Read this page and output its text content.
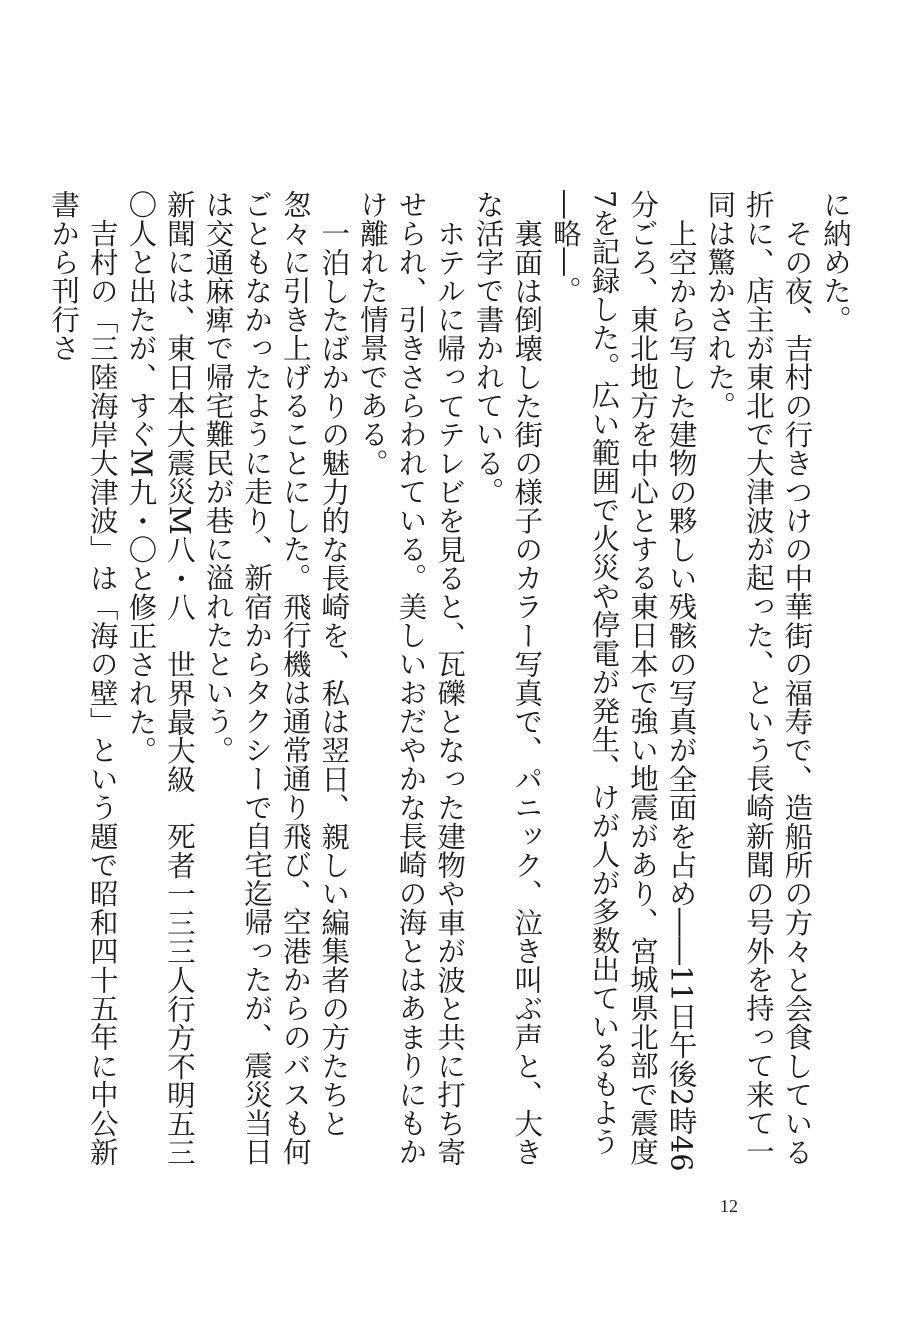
に納めた。

その夜、吉村の行きつけの中華街の福寿で、造船所の方々と会食している折に、店主が東北で大津波が起った、という長崎新聞の号外を持って来て一同は驚かされた。

上空から写した建物の夥しい残骸の写真が全面を占め――11日午後2時46分ごろ、東北地方を中心とする東日本で強い地震があり、宮城県北部で震度7を記録した。広い範囲で火災や停電が発生、けが人が多数出ているもよう―略―。

裏面は倒壊した街の様子のカラー写真で、パニック、泣き叫ぶ声と、大きな活字で書かれている。

ホテルに帰ってテレビを見ると、瓦礫となった建物や車が波と共に打ち寄せられ、引きさらわれている。美しいおだやかな長崎の海とはあまりにもかけ離れた情景である。

一泊したばかりの魅力的な長崎を、私は翌日、親しい編集者の方たちと怱々に引き上げることにした。飛行機は通常通り飛び、空港からのバスも何ごともなかったように走り、新宿からタクシーで自宅迄帰ったが、震災当日は交通麻痺で帰宅難民が巷に溢れたという。

新聞には、東日本大震災M八・八　世界最大級　死者一三三人行方不明五三〇人と出たが、すぐM九・〇と修正された。

吉村の「三陸海岸大津波」は「海の壁」という題で昭和四十五年に中公新書から刊行さ

12
